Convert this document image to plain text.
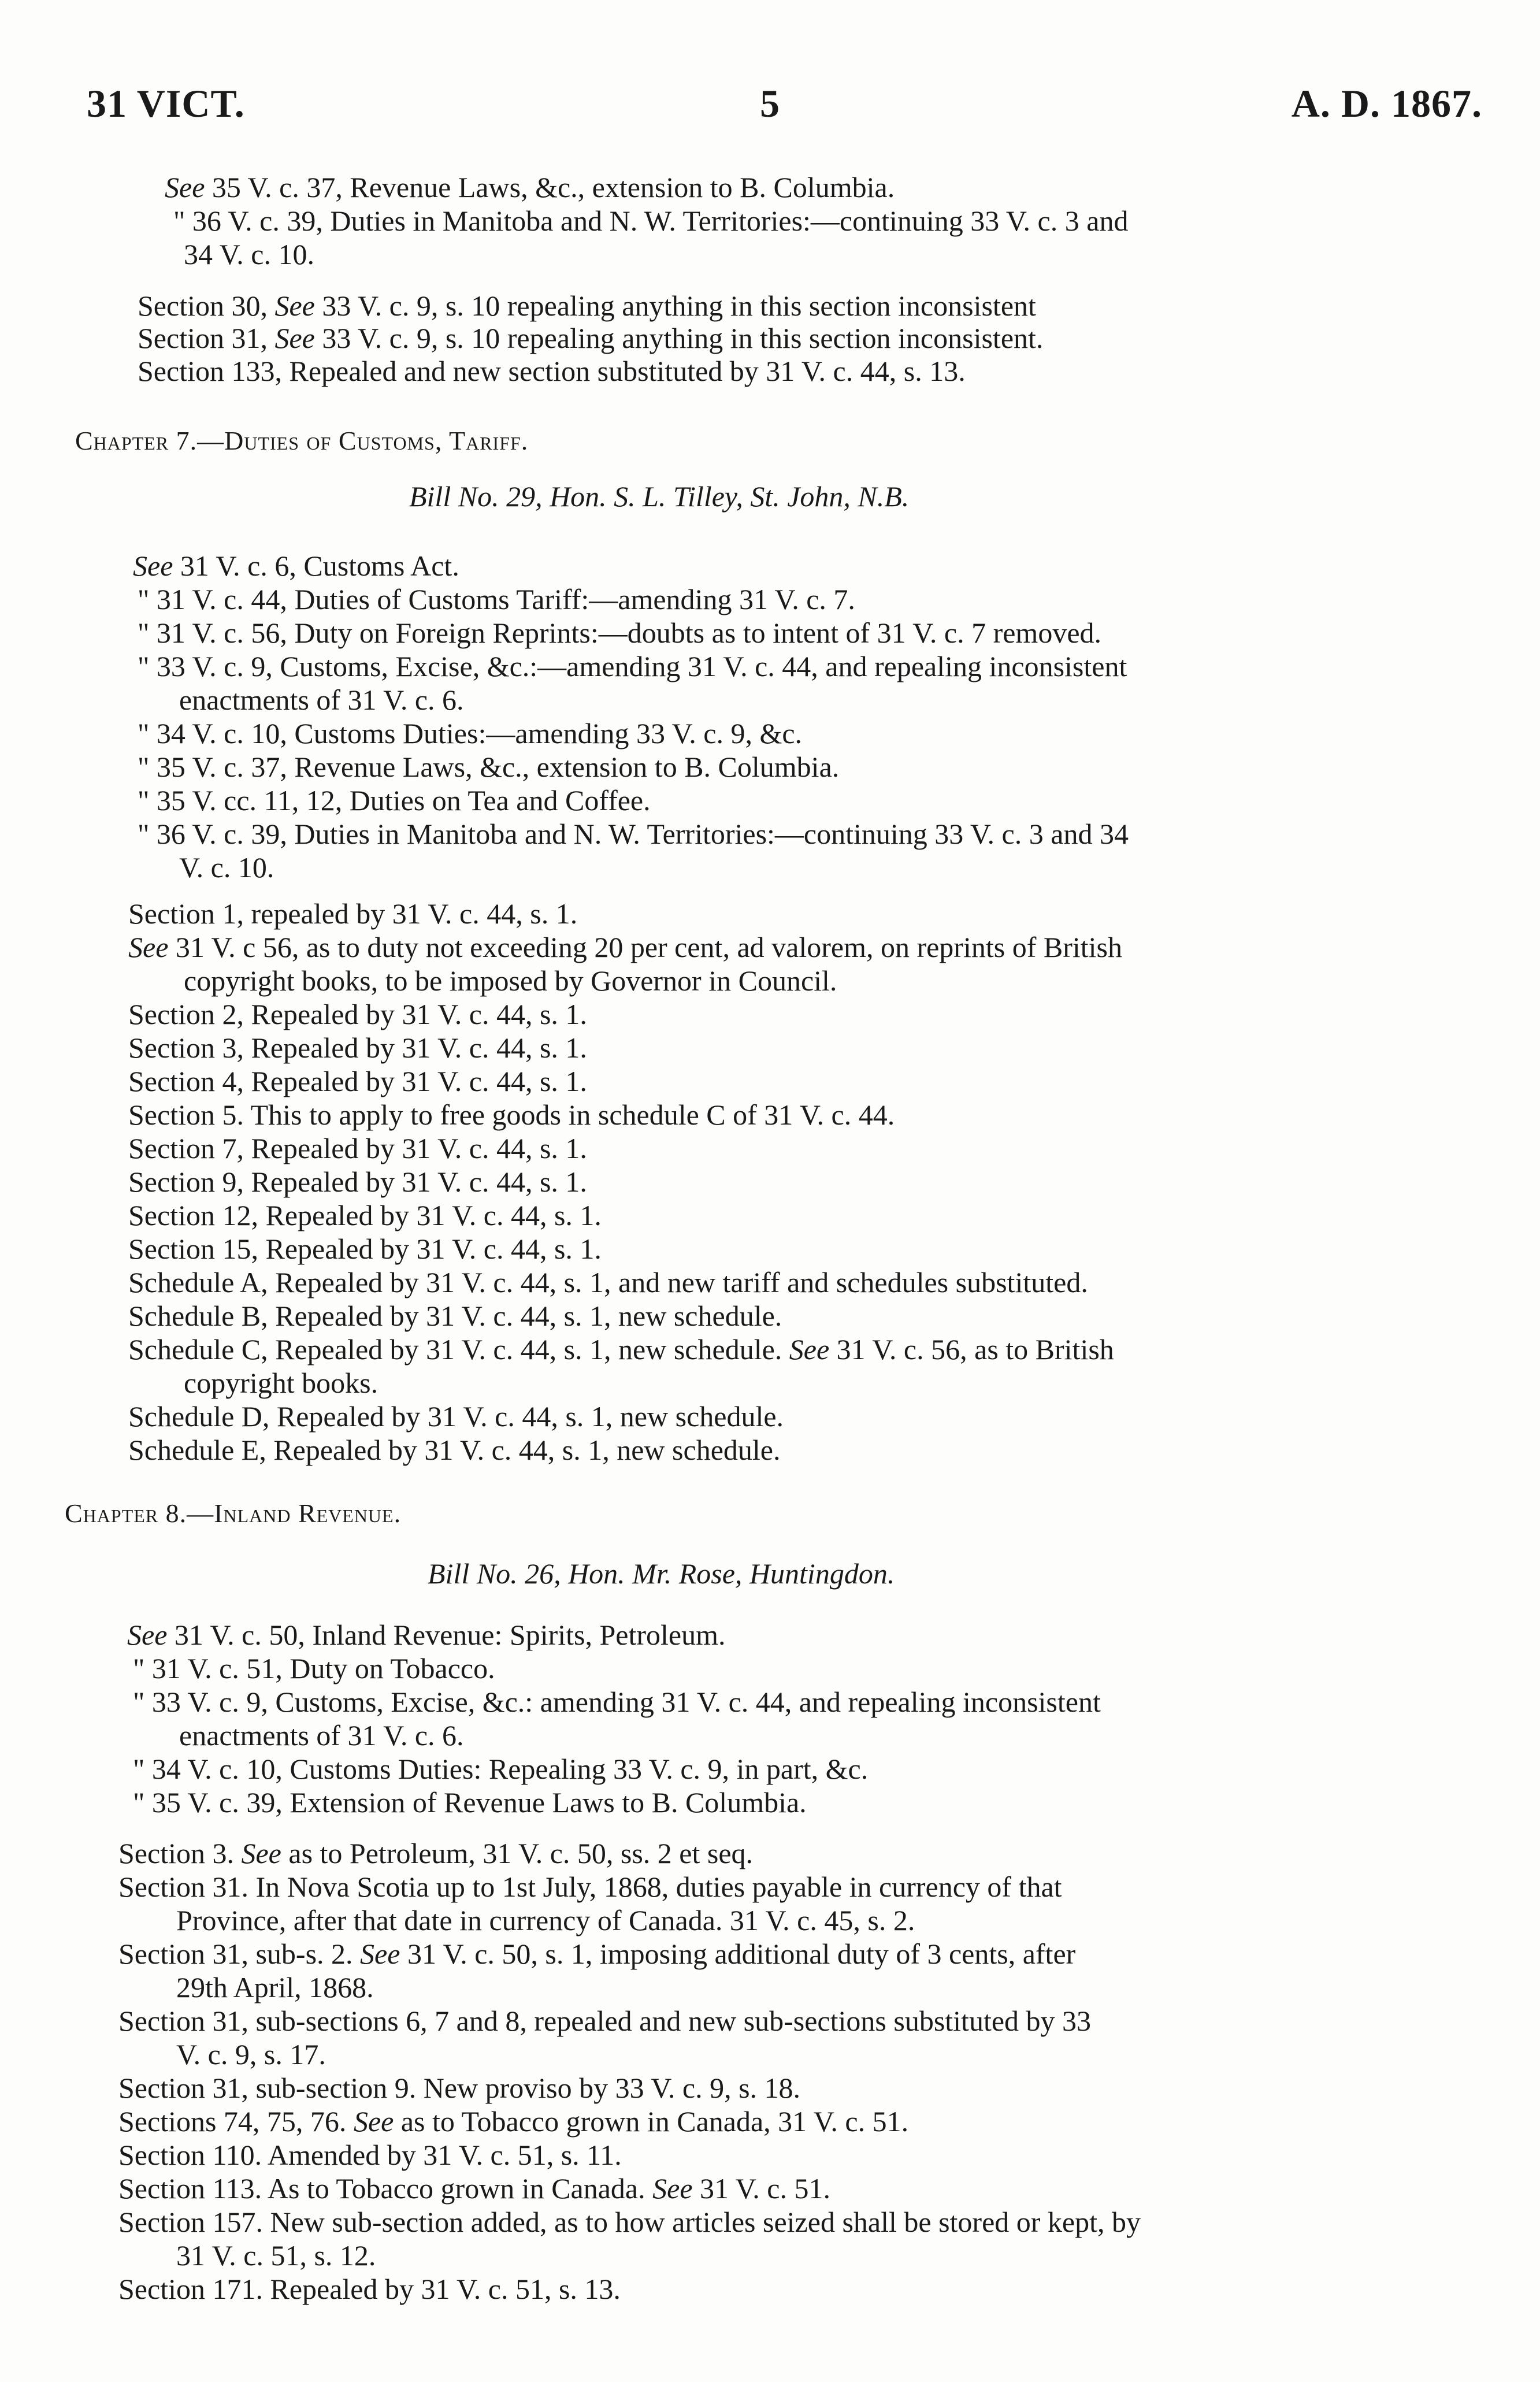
31 VICT.	5	A. D. 1867.
See 35 V. c. 37, Revenue Laws, &c., extension to B. Columbia.
" 36 V. c. 39, Duties in Manitoba and N. W. Territories:—continuing 33 V. c. 3 and
34 V. c. 10.
Section 30, See 33 V. c. 9, s. 10 repealing anything in this section inconsistent
Section 31, See 33 V. c. 9, s. 10 repealing anything in this section inconsistent.
Section 133, Repealed and new section substituted by 31 V. c. 44, s. 13.
Chapter 7.—Duties of Customs, Tariff.
Bill No. 29, Hon. S. L. Tilley, St. John, N.B.
See 31 V. c. 6, Customs Act.
" 31 V. c. 44, Duties of Customs Tariff:—amending 31 V. c. 7.
" 31 V. c. 56, Duty on Foreign Reprints:—doubts as to intent of 31 V. c. 7 removed.
" 33 V. c. 9, Customs, Excise, &c.:—amending 31 V. c. 44, and repealing inconsistent
enactments of 31 V. c. 6.
" 34 V. c. 10, Customs Duties:—amending 33 V. c. 9, &c.
" 35 V. c. 37, Revenue Laws, &c., extension to B. Columbia.
" 35 V. cc. 11, 12, Duties on Tea and Coffee.
" 36 V. c. 39, Duties in Manitoba and N. W. Territories:—continuing 33 V. c. 3 and 34
V. c. 10.
Section 1, repealed by 31 V. c. 44, s. 1.
See 31 V. c 56, as to duty not exceeding 20 per cent, ad valorem, on reprints of British
copyright books, to be imposed by Governor in Council.
Section 2, Repealed by 31 V. c. 44, s. 1.
Section 3, Repealed by 31 V. c. 44, s. 1.
Section 4, Repealed by 31 V. c. 44, s. 1.
Section 5. This to apply to free goods in schedule C of 31 V. c. 44.
Section 7, Repealed by 31 V. c. 44, s. 1.
Section 9, Repealed by 31 V. c. 44, s. 1.
Section 12, Repealed by 31 V. c. 44, s. 1.
Section 15, Repealed by 31 V. c. 44, s. 1.
Schedule A, Repealed by 31 V. c. 44, s. 1, and new tariff and schedules substituted.
Schedule B, Repealed by 31 V. c. 44, s. 1, new schedule.
Schedule C, Repealed by 31 V. c. 44, s. 1, new schedule. See 31 V. c. 56, as to British
copyright books.
Schedule D, Repealed by 31 V. c. 44, s. 1, new schedule.
Schedule E, Repealed by 31 V. c. 44, s. 1, new schedule.
Chapter 8.—Inland Revenue.
Bill No. 26, Hon. Mr. Rose, Huntingdon.
See 31 V. c. 50, Inland Revenue: Spirits, Petroleum.
" 31 V. c. 51, Duty on Tobacco.
" 33 V. c. 9, Customs, Excise, &c.: amending 31 V. c. 44, and repealing inconsistent
enactments of 31 V. c. 6.
" 34 V. c. 10, Customs Duties: Repealing 33 V. c. 9, in part, &c.
" 35 V. c. 39, Extension of Revenue Laws to B. Columbia.
Section 3. See as to Petroleum, 31 V. c. 50, ss. 2 et seq.
Section 31. In Nova Scotia up to 1st July, 1868, duties payable in currency of that
Province, after that date in currency of Canada. 31 V. c. 45, s. 2.
Section 31, sub-s. 2. See 31 V. c. 50, s. 1, imposing additional duty of 3 cents, after
29th April, 1868.
Section 31, sub-sections 6, 7 and 8, repealed and new sub-sections substituted by 33
V. c. 9, s. 17.
Section 31, sub-section 9. New proviso by 33 V. c. 9, s. 18.
Sections 74, 75, 76. See as to Tobacco grown in Canada, 31 V. c. 51.
Section 110. Amended by 31 V. c. 51, s. 11.
Section 113. As to Tobacco grown in Canada. See 31 V. c. 51.
Section 157. New sub-section added, as to how articles seized shall be stored or kept, by
31 V. c. 51, s. 12.
Section 171. Repealed by 31 V. c. 51, s. 13.
